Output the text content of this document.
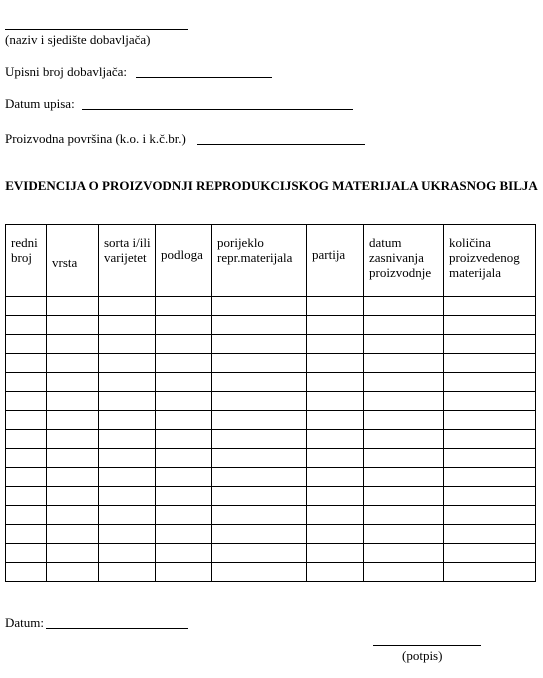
(naziv i sjedište dobavljača)
Upisni broj dobavljača:
Datum upisa:
Proizvodna površina (k.o. i k.č.br.)
EVIDENCIJA O PROIZVODNJI REPRODUKCIJSKOG MATERIJALA UKRASNOG BILJA
redni broj	vrsta	sorta i/ili varijetet	podloga	porijeklo repr.materijala	partija	datum zasnivanja proizvodnje	količina proizvedenog materijala

Datum:
(potpis)
